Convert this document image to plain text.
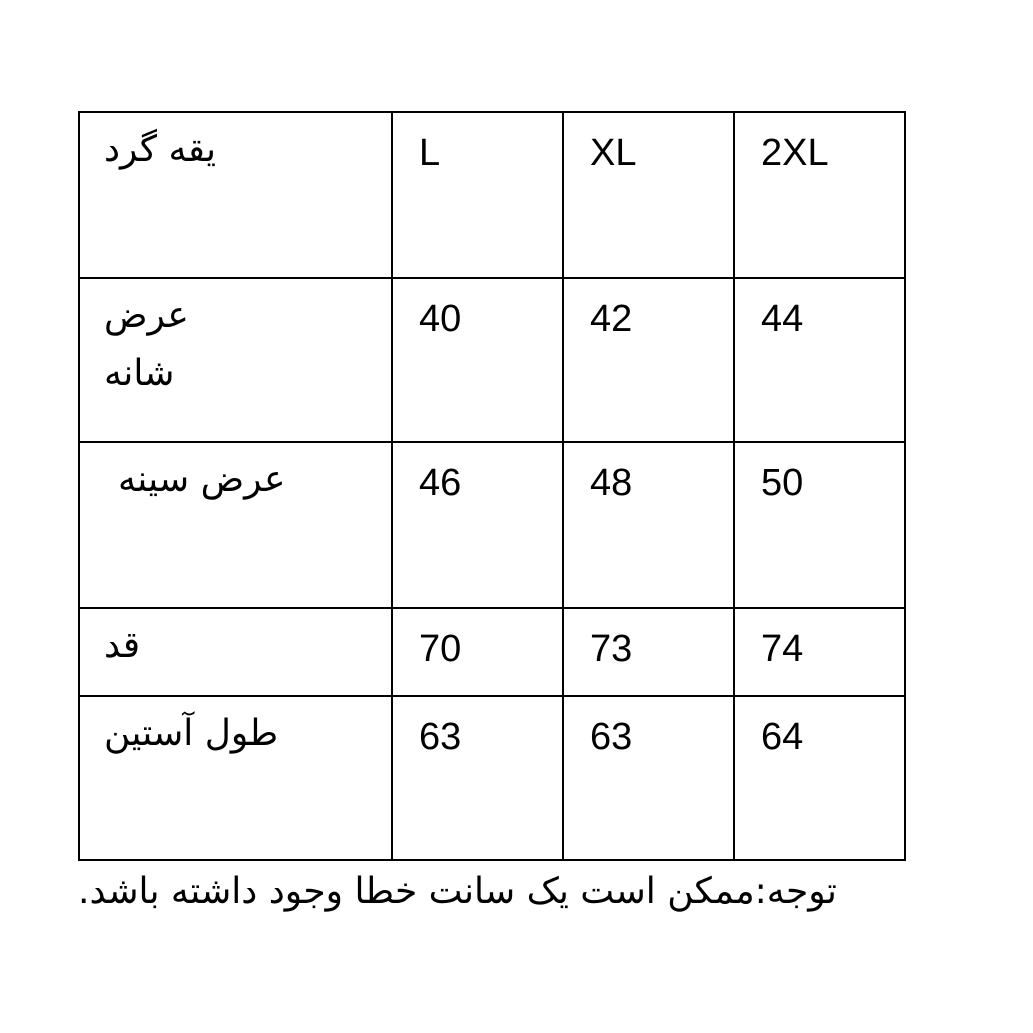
یقه گرد	L	XL	2XL

عرض شانه	40	42	44

عرض سینه	46	48	50

قد	70	73	74

طول آستین	63	63	64
توجه:ممکن است یک سانت خطا وجود داشته باشد.
